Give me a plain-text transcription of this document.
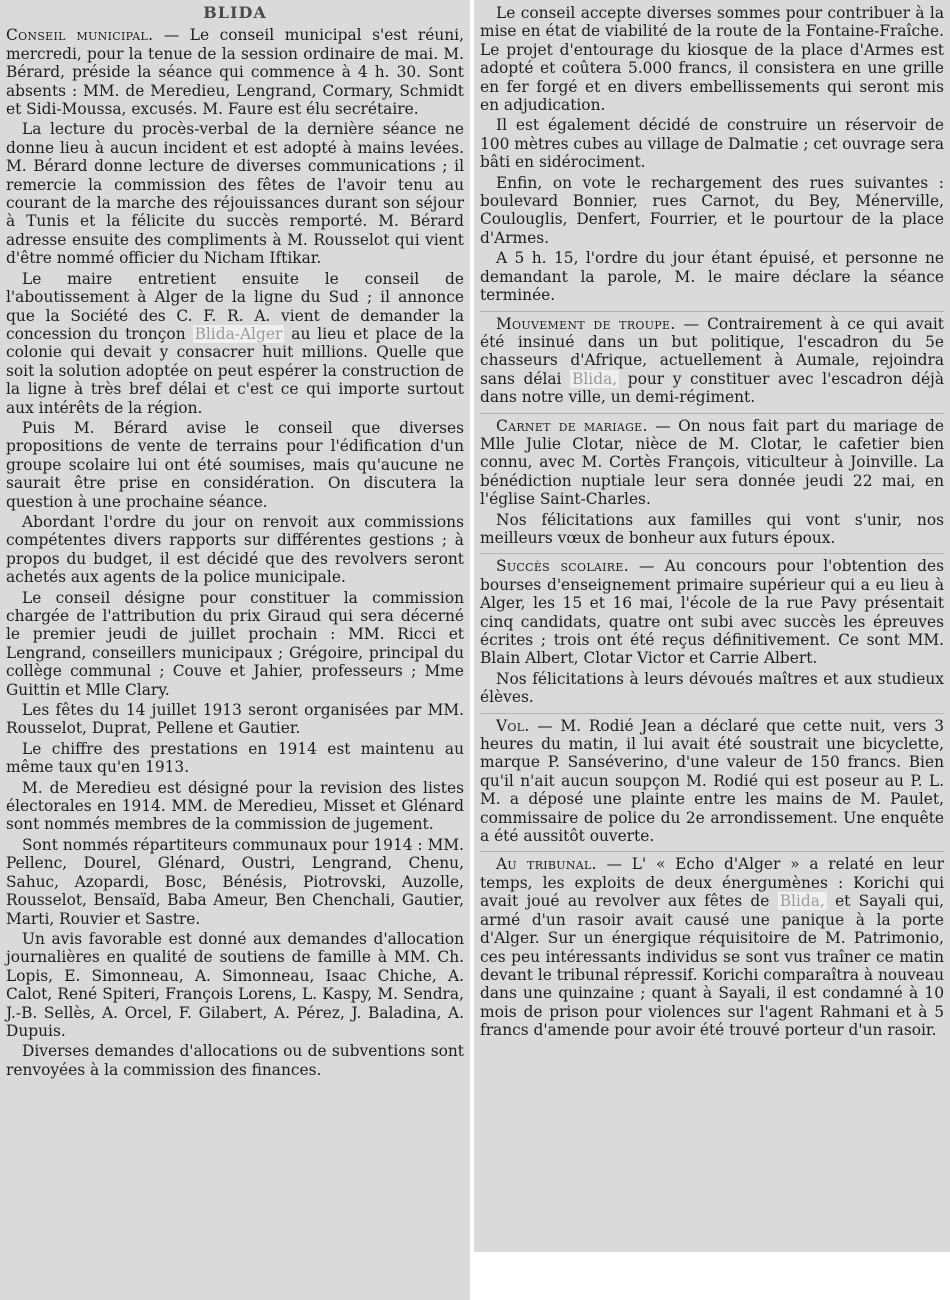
BLIDA

Conseil municipal. — Le conseil municipal s'est réuni, mercredi, pour la tenue de la session ordinaire de mai. M. Bérard, préside la séance qui commence à 4 h. 30. Sont absents : MM. de Meredieu, Lengrand, Cormary, Schmidt et Sidi-Moussa, excusés. M. Faure est élu secrétaire.

La lecture du procès-verbal de la dernière séance ne donne lieu à aucun incident et est adopté à mains levées. M. Bérard donne lecture de diverses communications ; il remercie la commission des fêtes de l'avoir tenu au courant de la marche des réjouissances durant son séjour à Tunis et la félicite du succès remporté. M. Bérard adresse ensuite des compliments à M. Rousselot qui vient d'être nommé officier du Nicham Iftikar.

Le maire entretient ensuite le conseil de l'aboutissement à Alger de la ligne du Sud ; il annonce que la Société des C. F. R. A. vient de demander la concession du tronçon Blida-Alger au lieu et place de la colonie qui devait y consacrer huit millions. Quelle que soit la solution adoptée on peut espérer la construction de la ligne à très bref délai et c'est ce qui importe surtout aux intérêts de la région.

Puis M. Bérard avise le conseil que diverses propositions de vente de terrains pour l'édification d'un groupe scolaire lui ont été soumises, mais qu'aucune ne saurait être prise en considération. On discutera la question à une prochaine séance.

Abordant l'ordre du jour on renvoit aux commissions compétentes divers rapports sur différentes gestions ; à propos du budget, il est décidé que des revolvers seront achetés aux agents de la police municipale.

Le conseil désigne pour constituer la commission chargée de l'attribution du prix Giraud qui sera décerné le premier jeudi de juillet prochain : MM. Ricci et Lengrand, conseillers municipaux ; Grégoire, principal du collège communal ; Couve et Jahier, professeurs ; Mme Guittin et Mlle Clary.

Les fêtes du 14 juillet 1913 seront organisées par MM. Rousselot, Duprat, Pellene et Gautier.

Le chiffre des prestations en 1914 est maintenu au même taux qu'en 1913.

M. de Meredieu est désigné pour la revision des listes électorales en 1914. MM. de Meredieu, Misset et Glénard sont nommés membres de la commission de jugement.

Sont nommés répartiteurs communaux pour 1914 : MM. Pellenc, Dourel, Glénard, Oustri, Lengrand, Chenu, Sahuc, Azopardi, Bosc, Bénésis, Piotrovski, Auzolle, Rousselot, Bensaïd, Baba Ameur, Ben Chenchali, Gautier, Marti, Rouvier et Sastre.

Un avis favorable est donné aux demandes d'allocation journalières en qualité de soutiens de famille à MM. Ch. Lopis, E. Simonneau, A. Simonneau, Isaac Chiche, A. Calot, René Spiteri, François Lorens, L. Kaspy, M. Sendra, J.-B. Sellès, A. Orcel, F. Gilabert, A. Pérez, J. Baladina, A. Dupuis.

Diverses demandes d'allocations ou de subventions sont renvoyées à la commission des finances.

Le conseil accepte diverses sommes pour contribuer à la mise en état de viabilité de la route de la Fontaine-Fraîche. Le projet d'entourage du kiosque de la place d'Armes est adopté et coûtera 5.000 francs, il consistera en une grille en fer forgé et en divers embellissements qui seront mis en adjudication.

Il est également décidé de construire un réservoir de 100 mètres cubes au village de Dalmatie ; cet ouvrage sera bâti en sidérociment.

Enfin, on vote le rechargement des rues suivantes : boulevard Bonnier, rues Carnot, du Bey, Ménerville, Coulouglis, Denfert, Fourrier, et le pourtour de la place d'Armes.

A 5 h. 15, l'ordre du jour étant épuisé, et personne ne demandant la parole, M. le maire déclare la séance terminée.

Mouvement de troupe. — Contrairement à ce qui avait été insinué dans un but politique, l'escadron du 5e chasseurs d'Afrique, actuellement à Aumale, rejoindra sans délai Blida, pour y constituer avec l'escadron déjà dans notre ville, un demi-régiment.

Carnet de mariage. — On nous fait part du mariage de Mlle Julie Clotar, nièce de M. Clotar, le cafetier bien connu, avec M. Cortès François, viticulteur à Joinville. La bénédiction nuptiale leur sera donnée jeudi 22 mai, en l'église Saint-Charles.

Nos félicitations aux familles qui vont s'unir, nos meilleurs vœux de bonheur aux futurs époux.

Succès scolaire. — Au concours pour l'obtention des bourses d'enseignement primaire supérieur qui a eu lieu à Alger, les 15 et 16 mai, l'école de la rue Pavy présentait cinq candidats, quatre ont subi avec succès les épreuves écrites ; trois ont été reçus définitivement. Ce sont MM. Blain Albert, Clotar Victor et Carrie Albert.

Nos félicitations à leurs dévoués maîtres et aux studieux élèves.

Vol. — M. Rodié Jean a déclaré que cette nuit, vers 3 heures du matin, il lui avait été soustrait une bicyclette, marque P. Sanséverino, d'une valeur de 150 francs. Bien qu'il n'ait aucun soupçon M. Rodié qui est poseur au P. L. M. a déposé une plainte entre les mains de M. Paulet, commissaire de police du 2e arrondissement. Une enquête a été aussitôt ouverte.

Au tribunal. — L' « Echo d'Alger » a relaté en leur temps, les exploits de deux énergumènes : Korichi qui avait joué au revolver aux fêtes de Blida, et Sayali qui, armé d'un rasoir avait causé une panique à la porte d'Alger. Sur un énergique réquisitoire de M. Patrimonio, ces peu intéressants individus se sont vus traîner ce matin devant le tribunal répressif. Korichi comparaîtra à nouveau dans une quinzaine ; quant à Sayali, il est condamné à 10 mois de prison pour violences sur l'agent Rahmani et à 5 francs d'amende pour avoir été trouvé porteur d'un rasoir.
